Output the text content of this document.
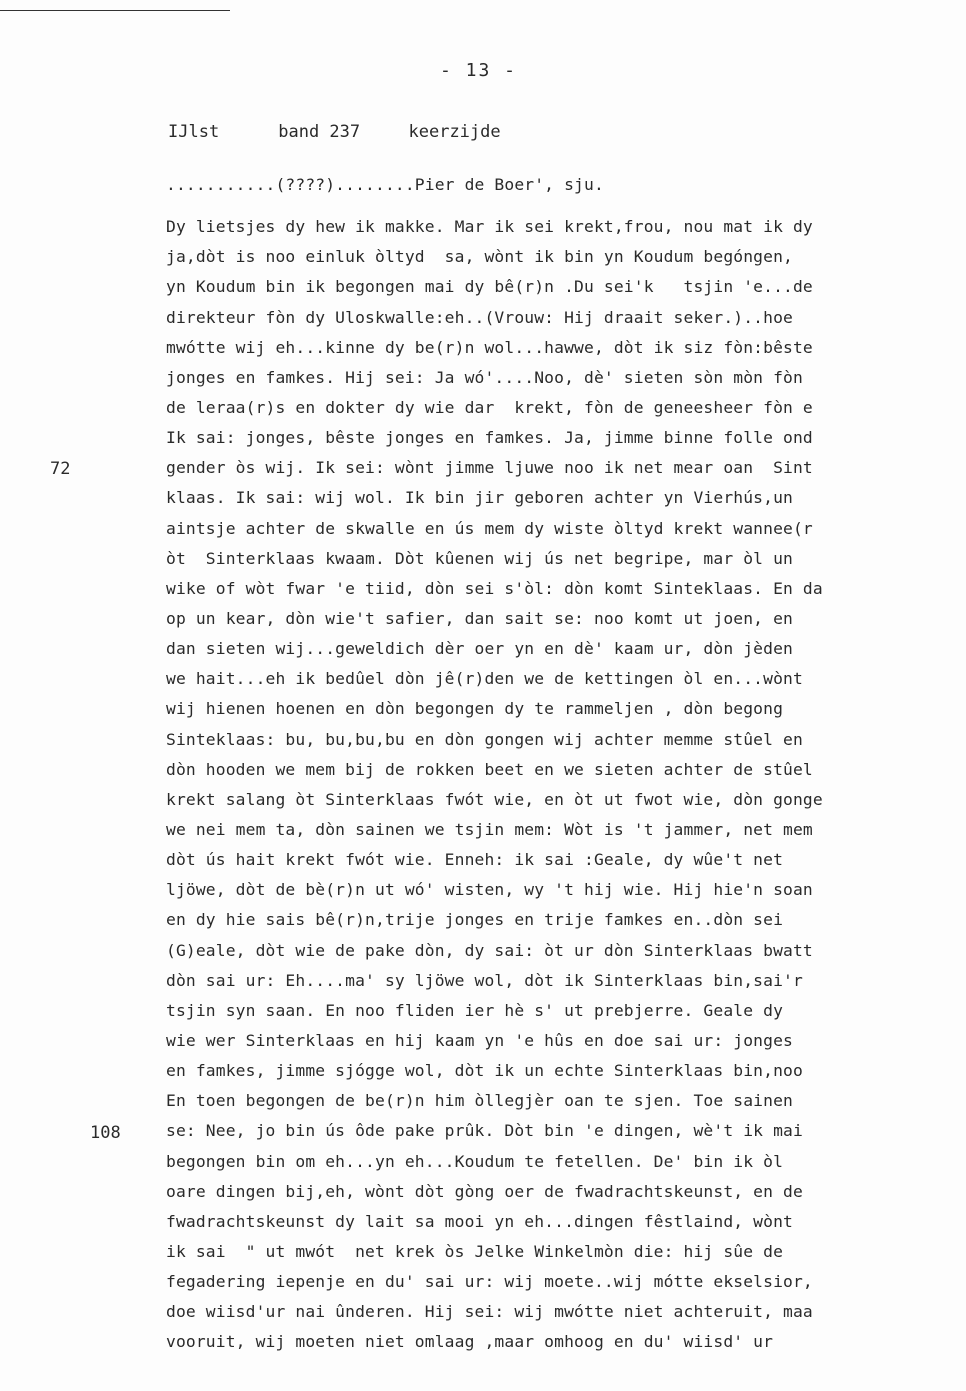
- 13 -
IJlst	band 237	keerzijde
...........(????)........Pier de Boer', sju.
Dy lietsjes dy hew ik makke. Mar ik sei krekt,frou, nou mat ik dy
ja,dòt is noo einluk òltyd  sa, wònt ik bin yn Koudum begóngen,
yn Koudum bin ik begongen mai dy bê(r)n .Du sei'k   tsjin 'e...de
direkteur fòn dy Uloskwalle:eh..(Vrouw: Hij draait seker.)..hoe
mwótte wij eh...kinne dy be(r)n wol...hawwe, dòt ik siz fòn:bêste
jonges en famkes. Hij sei: Ja wó'....Noo, dè' sieten sòn mòn fòn
de leraa(r)s en dokter dy wie dar  krekt, fòn de geneesheer fòn e
Ik sai: jonges, bêste jonges en famkes. Ja, jimme binne folle ond
gender òs wij. Ik sei: wònt jimme ljuwe noo ik net mear oan  Sint
klaas. Ik sai: wij wol. Ik bin jir geboren achter yn Vierhús,un
aintsje achter de skwalle en ús mem dy wiste òltyd krekt wannee(r
òt  Sinterklaas kwaam. Dòt kûenen wij ús net begripe, mar òl un
wike of wòt fwar 'e tiid, dòn sei s'òl: dòn komt Sinteklaas. En da
op un kear, dòn wie't safier, dan sait se: noo komt ut joen, en
dan sieten wij...geweldich dèr oer yn en dè' kaam ur, dòn jèden
we hait...eh ik bedûel dòn jê(r)den we de kettingen òl en...wònt
wij hienen hoenen en dòn begongen dy te rammeljen , dòn begong
Sinteklaas: bu, bu,bu,bu en dòn gongen wij achter memme stûel en
dòn hooden we mem bij de rokken beet en we sieten achter de stûel
krekt salang òt Sinterklaas fwót wie, en òt ut fwot wie, dòn gonge
we nei mem ta, dòn sainen we tsjin mem: Wòt is 't jammer, net mem
dòt ús hait krekt fwót wie. Enneh: ik sai :Geale, dy wûe't net
ljöwe, dòt de bè(r)n ut wó' wisten, wy 't hij wie. Hij hie'n soan
en dy hie sais bê(r)n,trije jonges en trije famkes en..dòn sei
(G)eale, dòt wie de pake dòn, dy sai: òt ur dòn Sinterklaas bwatt
dòn sai ur: Eh....ma' sy ljöwe wol, dòt ik Sinterklaas bin,sai'r
tsjin syn saan. En noo fliden ier hè s' ut prebjerre. Geale dy
wie wer Sinterklaas en hij kaam yn 'e hûs en doe sai ur: jonges
en famkes, jimme sjógge wol, dòt ik un echte Sinterklaas bin,noo
En toen begongen de be(r)n him òllegjèr oan te sjen. Toe sainen
se: Nee, jo bin ús ôde pake prûk. Dòt bin 'e dingen, wè't ik mai
begongen bin om eh...yn eh...Koudum te fetellen. De' bin ik òl
oare dingen bij,eh, wònt dòt gòng oer de fwadrachtskeunst, en de
fwadrachtskeunst dy lait sa mooi yn eh...dingen fêstlaind, wònt
ik sai  " ut mwót  net krek òs Jelke Winkelmòn die: hij sûe de
fegadering iepenje en du' sai ur: wij moete..wij mótte ekselsior,
doe wiisd'ur nai ûnderen. Hij sei: wij mwótte niet achteruit, maa
vooruit, wij moeten niet omlaag ,maar omhoog en du' wiisd' ur
72
108
